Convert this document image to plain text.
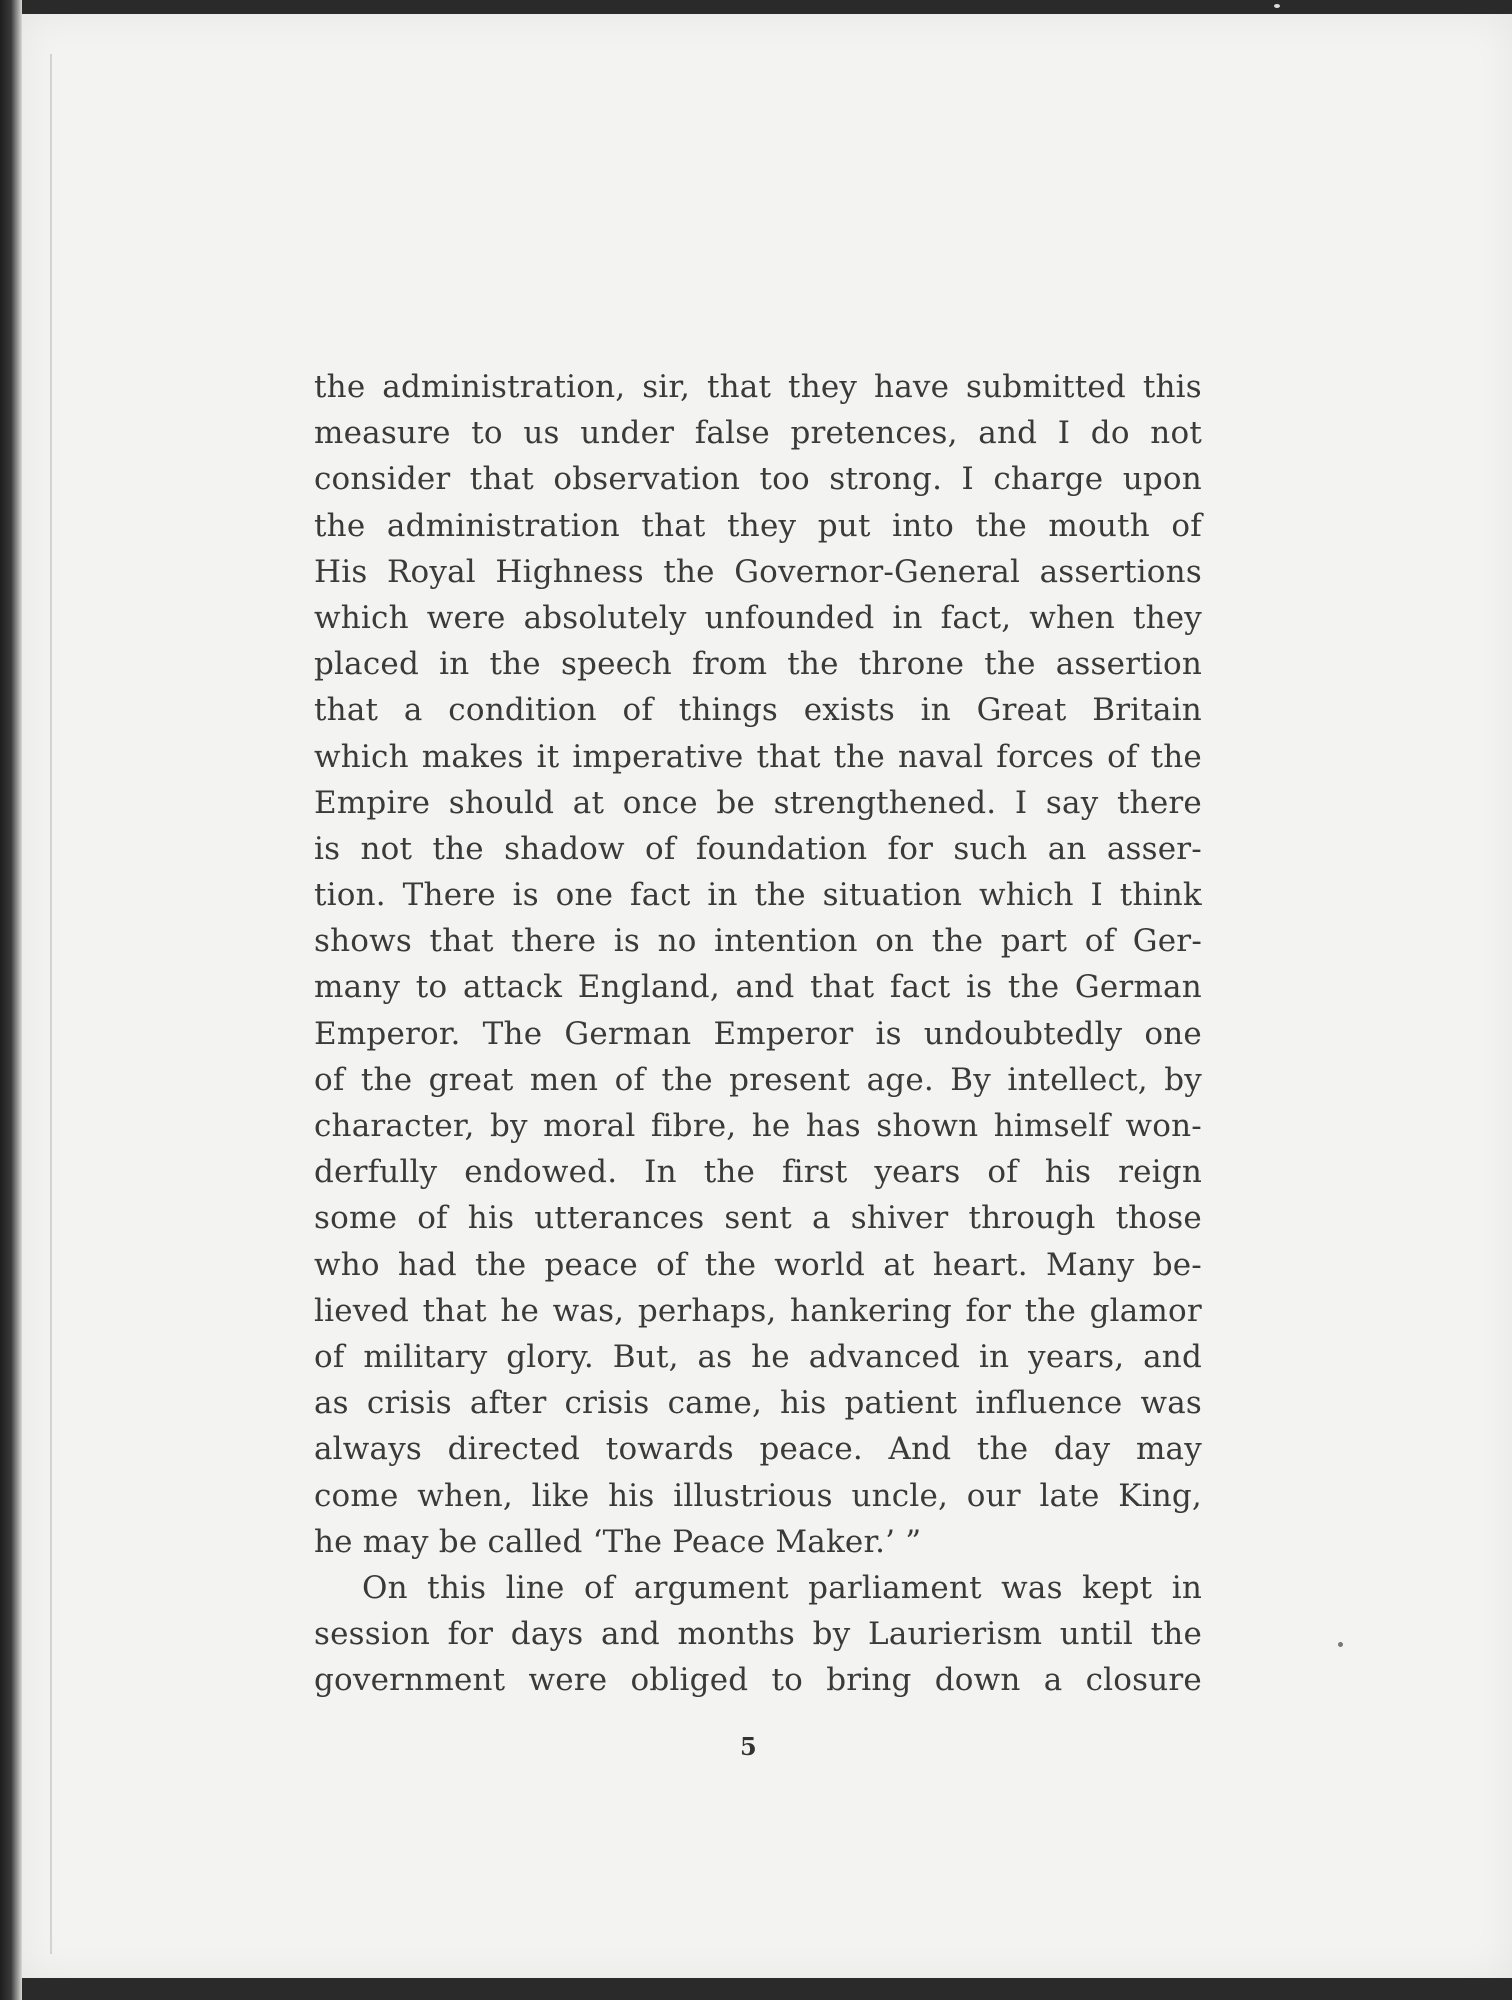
the administration, sir, that they have submitted this
measure to us under false pretences, and I do not
consider that observation too strong. I charge upon
the administration that they put into the mouth of
His Royal Highness the Governor-General assertions
which were absolutely unfounded in fact, when they
placed in the speech from the throne the assertion
that a condition of things exists in Great Britain
which makes it imperative that the naval forces of the
Empire should at once be strengthened. I say there
is not the shadow of foundation for such an asser-
tion. There is one fact in the situation which I think
shows that there is no intention on the part of Ger-
many to attack England, and that fact is the German
Emperor. The German Emperor is undoubtedly one
of the great men of the present age. By intellect, by
character, by moral fibre, he has shown himself won-
derfully endowed. In the first years of his reign
some of his utterances sent a shiver through those
who had the peace of the world at heart. Many be-
lieved that he was, perhaps, hankering for the glamor
of military glory. But, as he advanced in years, and
as crisis after crisis came, his patient influence was
always directed towards peace. And the day may
come when, like his illustrious uncle, our late King,
he may be called ‘The Peace Maker.’ ”
On this line of argument parliament was kept in
session for days and months by Laurierism until the
government were obliged to bring down a closure
5
